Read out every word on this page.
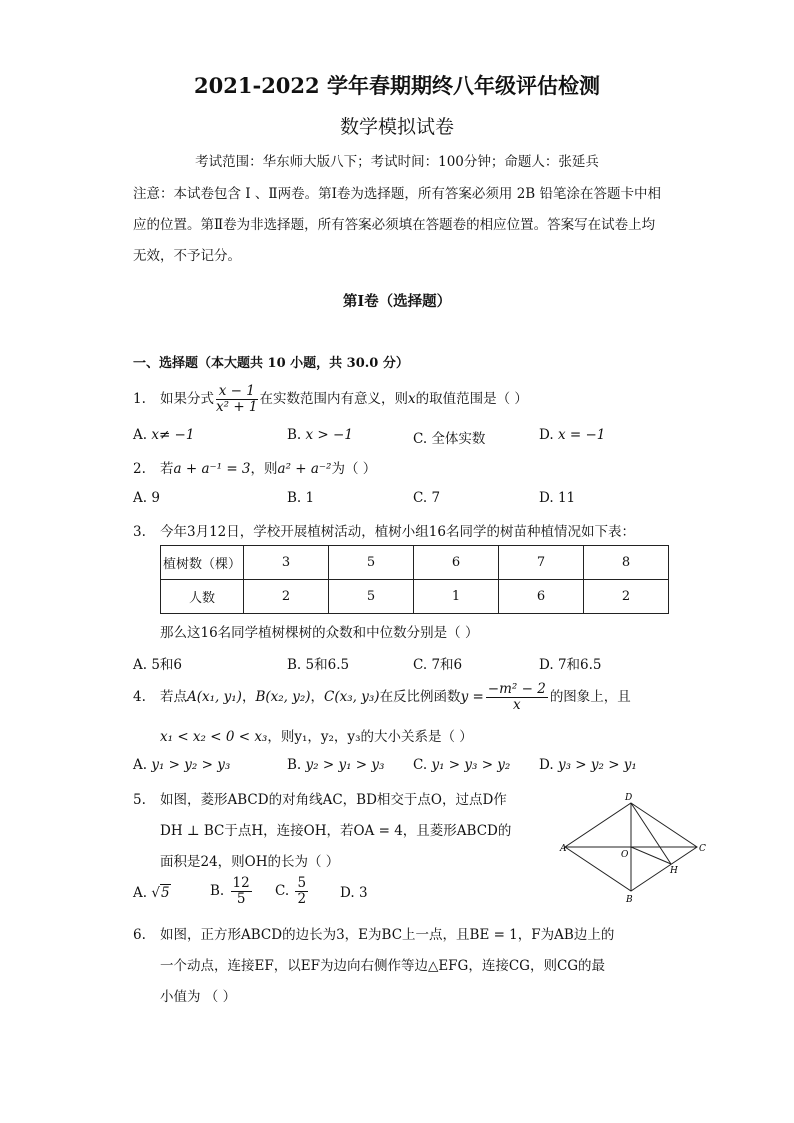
2021-2022 学年春期期终八年级评估检测
数学模拟试卷
考试范围：华东师大版八下；考试时间：100分钟；命题人：张延兵
注意：本试卷包含 Ⅰ 、Ⅱ两卷。第Ⅰ卷为选择题，所有答案必须用 2B 铅笔涂在答题卡中相应的位置。第Ⅱ卷为非选择题，所有答案必须填在答题卷的相应位置。答案写在试卷上均无效，不予记分。
第Ⅰ卷（选择题）
一、选择题（本大题共 10 小题，共 30.0 分）
1. 如果分式 $\frac{x - 1}{\text{x² + 1}}$ 在实数范围内有意义，则x的取值范围是（ ）
A. x≠ −1	B. x > −1	C. 全体实数	D. x = −1
2. 若a + a⁻¹ = 3，则a² + a⁻²为（ ）
A. 9	B. 1	C. 7	D. 11
3. 今年3月12日，学校开展植树活动，植树小组16名同学的树苗种植情况如下表：
植树数（棵）	3	5	6	7	8
人数	2	5	1	6	2
那么这16名同学植树棵树的众数和中位数分别是（ ）
A. 5和6	B. 5和6.5	C. 7和6	D. 7和6.5
4. 若点A(x₁, y₁)，B(x₂, y₂)，C(x₃, y₃)在反比例函数$y = \frac{\text{−m² − 2}}{x}$ 的图象上，且
x₁ < x₂ < 0 < x₃，则y₁，y₂，y₃的大小关系是（ ）
A. y₁ > y₂ > y₃	B. y₂ > y₁ > y₃ C. y₁ > y₃ > y₂ D. y₃ > y₂ > y₁
5. 如图，菱形ABCD的对角线AC，BD相交于点O，过点D作
DH ⊥ BC于点H，连接OH，若OA = 4，且菱形ABCD的
面积是24，则OH的长为（ ）
D
B
A	C
O
H
A. √5	B. $\frac{12}{5} C$. $\frac{5}{2} D$. 3
6. 如图，正方形ABCD的边长为3，E为BC上一点，且BE = 1，F为AB边上的
一个动点，连接EF，以EF为边向右侧作等边△EFG，连接CG，则CG的最
小值为 （ ）
